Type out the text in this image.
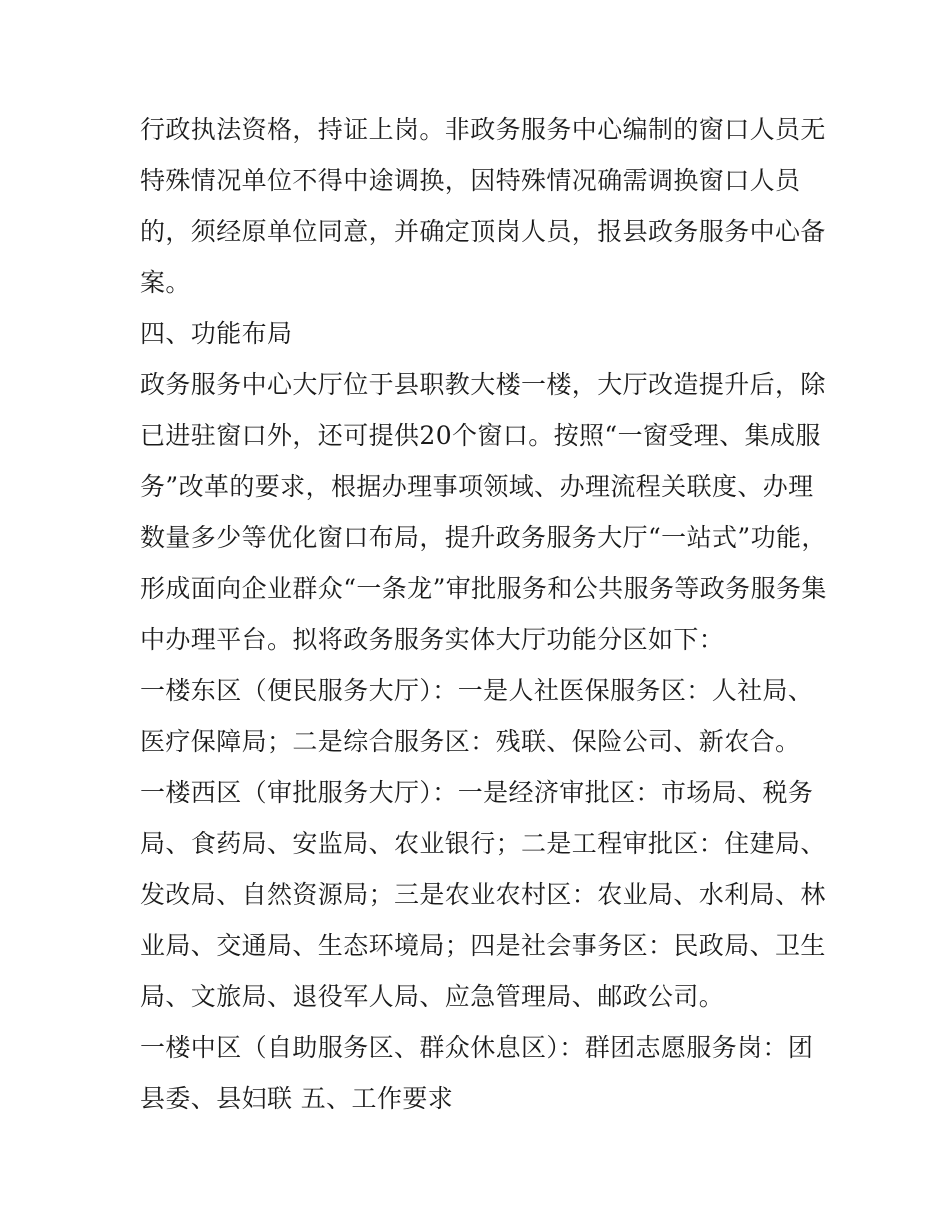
行政执法资格，持证上岗。非政务服务中心编制的窗口人员无
特殊情况单位不得中途调换，因特殊情况确需调换窗口人员
的，须经原单位同意，并确定顶岗人员，报县政务服务中心备
案。
四、功能布局
政务服务中心大厅位于县职教大楼一楼，大厅改造提升后，除
已进驻窗口外，还可提供20个窗口。按照“一窗受理、集成服
务”改革的要求，根据办理事项领域、办理流程关联度、办理
数量多少等优化窗口布局，提升政务服务大厅“一站式”功能，
形成面向企业群众“一条龙”审批服务和公共服务等政务服务集
中办理平台。拟将政务服务实体大厅功能分区如下：
一楼东区（便民服务大厅）：一是人社医保服务区：人社局、
医疗保障局；二是综合服务区：残联、保险公司、新农合。
一楼西区（审批服务大厅）：一是经济审批区：市场局、税务
局、食药局、安监局、农业银行；二是工程审批区：住建局、
发改局、自然资源局；三是农业农村区：农业局、水利局、林
业局、交通局、生态环境局；四是社会事务区：民政局、卫生
局、文旅局、退役军人局、应急管理局、邮政公司。
一楼中区（自助服务区、群众休息区）：群团志愿服务岗：团
县委、县妇联 五、工作要求
